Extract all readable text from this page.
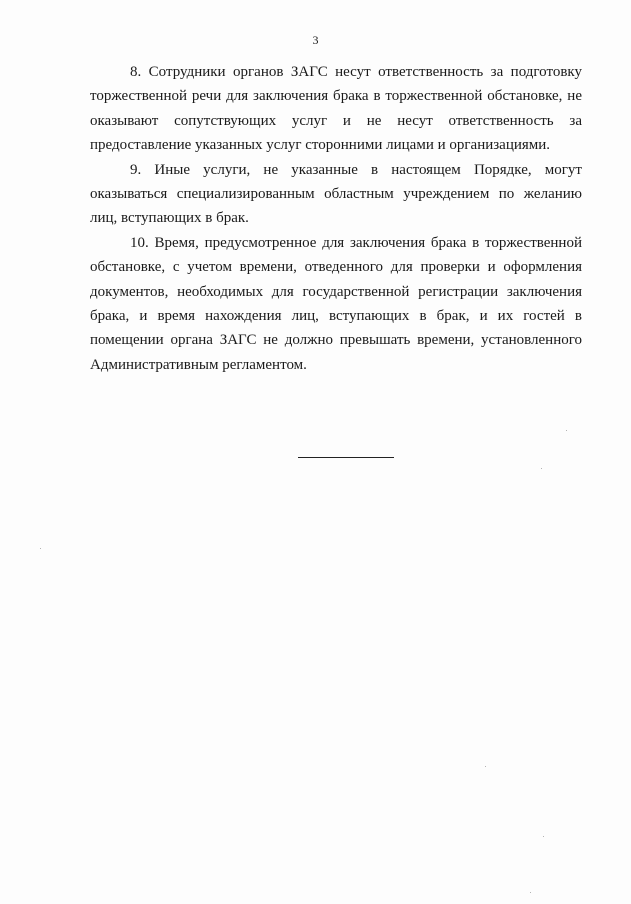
3

8. Сотрудники органов ЗАГС несут ответственность за подготовку торжественной речи для заключения брака в торжественной обстановке, не оказывают сопутствующих услуг и не несут ответственность за предоставление указанных услуг сторонними лицами и организациями.

9. Иные услуги, не указанные в настоящем Порядке, могут оказываться специализированным областным учреждением по желанию лиц, вступающих в брак.

10. Время, предусмотренное для заключения брака в торжественной обстановке, с учетом времени, отведенного для проверки и оформления документов, необходимых для государственной регистрации заключения брака, и время нахождения лиц, вступающих в брак, и их гостей в помещении органа ЗАГС не должно превышать времени, установленного Административным регламентом.
